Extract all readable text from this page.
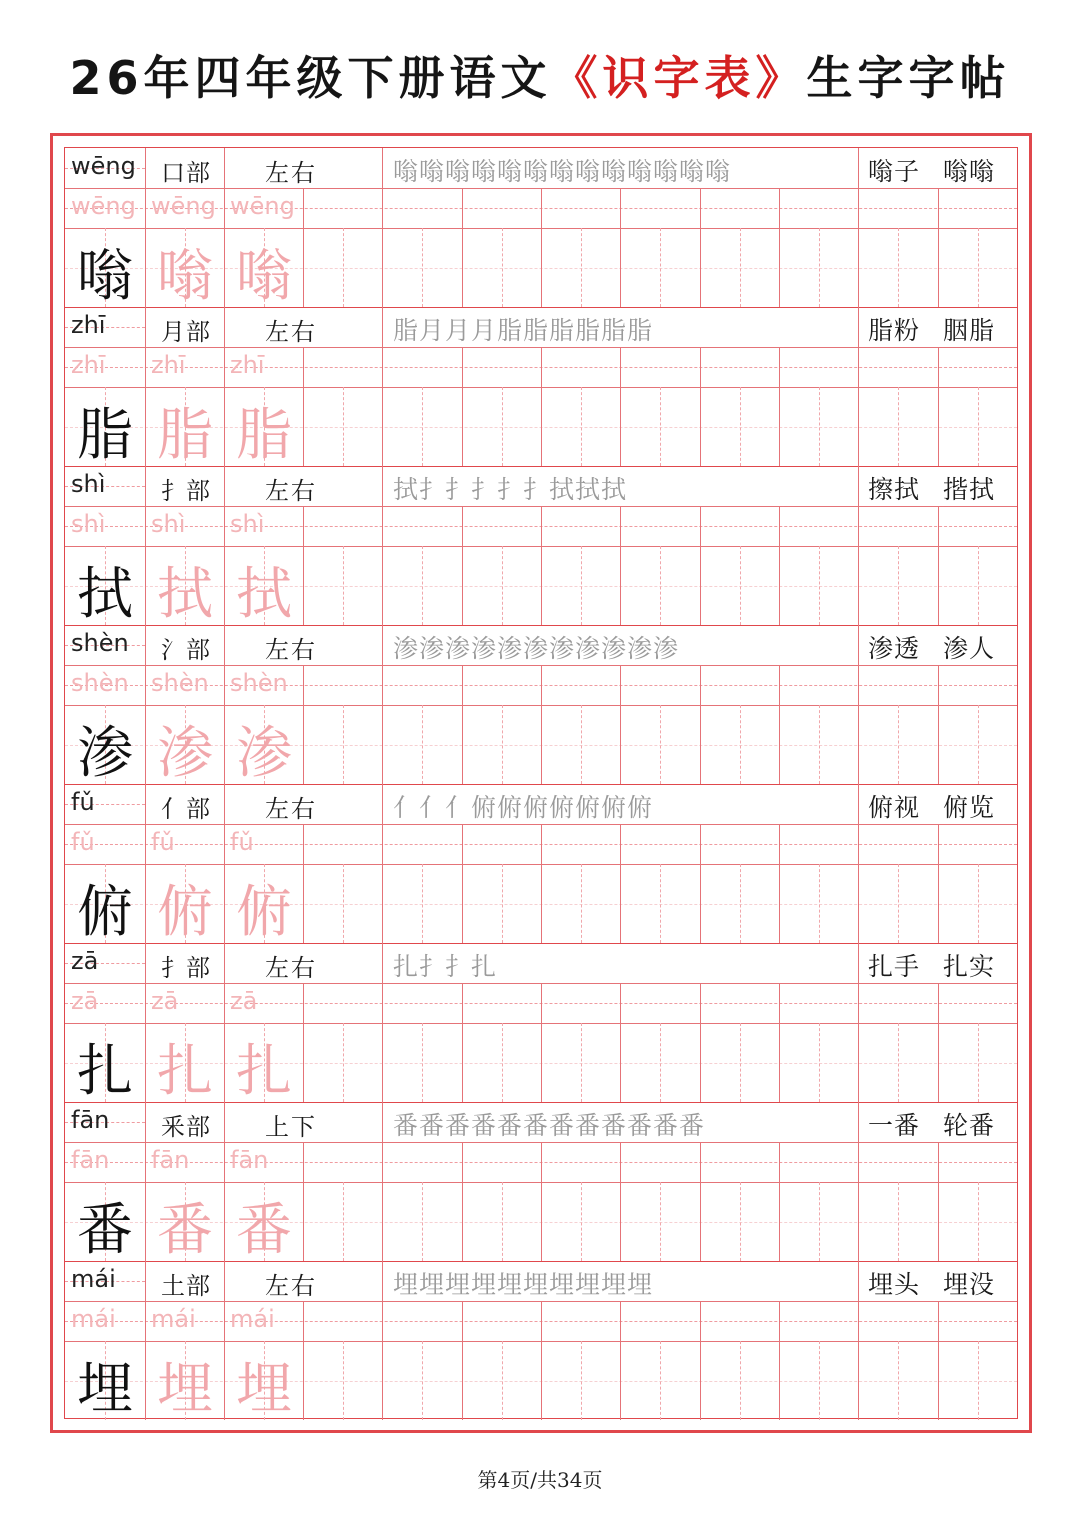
26年四年级下册语文《识字表》生字字帖
wēng 口部 左右	嗡嗡嗡嗡嗡嗡嗡嗡嗡嗡嗡嗡嗡	嗡子 嗡嗡
wēng wēng wēng
嗡 嗡 嗡
zhī 月部 左右	脂月月月脂脂脂脂脂脂	脂粉 胭脂
zhī zhī zhī
脂 脂 脂
shì 扌部 左右	拭扌扌扌扌扌拭拭拭	擦拭 揩拭
shì shì shì
拭 拭 拭
shèn 氵部 左右	渗渗渗渗渗渗渗渗渗渗渗	渗透 渗人
shèn shèn shèn
渗 渗 渗
fǔ	亻部 左右	亻亻亻俯俯俯俯俯俯俯	俯视 俯览
fǔ fǔ fǔ
俯 俯 俯
zā	扌部 左右	扎扌扌扎	扎手 扎实
zā zā zā
扎 扎 扎
fān 釆部 上下	番番番番番番番番番番番番	一番 轮番
fān fān fān
番 番 番
mái 土部 左右	埋埋埋埋埋埋埋埋埋埋	埋头 埋没
mái mái mái
埋 埋 埋
第4页/共34页
